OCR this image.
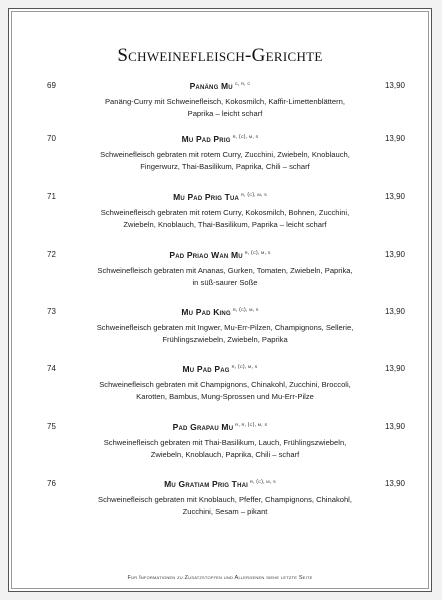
Schweinefleisch-Gerichte
69	Panäng Mu $^{c, r, c}$	13,90
Panäng-Curry mit Schweinefleisch, Kokosmilch, Kaffir-Limettenblättern,
Paprika – leicht scharf
70	Mu Pad Prig $^{r, (c), m, s}$	13,90
Schweinefleisch gebraten mit rotem Curry, Zucchini, Zwiebeln, Knoblauch,
Fingerwurz, Thai-Basilikum, Paprika, Chili – scharf
71	Mu Pad Prig Tua $^{r, (c), m, s}$	13,90
Schweinefleisch gebraten mit rotem Curry, Kokosmilch, Bohnen, Zucchini,
Zwiebeln, Knoblauch, Thai-Basilikum, Paprika – leicht scharf
72	Pad Priao Wan Mu $^{r, (c), m, s}$	13,90
Schweinefleisch gebraten mit Ananas, Gurken, Tomaten, Zwiebeln, Paprika,
in süß-saurer Soße
73	Mu Pad King $^{r, (c), m, s}$	13,90
Schweinefleisch gebraten mit Ingwer, Mu-Err-Pilzen, Champignons, Sellerie,
Frühlingszwiebeln, Zwiebeln, Paprika
74	Mu Pad Pag $^{r, (c), m, s}$	13,90
Schweinefleisch gebraten mit Champignons, Chinakohl, Zucchini, Broccoli,
Karotten, Bambus, Mung-Sprossen und Mu-Err-Pilze
75	Pad Grapau Mu $^{r, r, (c), m, s}$	13,90
Schweinefleisch gebraten mit Thai-Basilikum, Lauch, Frühlingszwiebeln,
Zwiebeln, Knoblauch, Paprika, Chili – scharf
76	Mu Gratiam Prig Thai $^{r, (c), m, s}$	13,90
Schweinefleisch gebraten mit Knoblauch, Pfeffer, Champignons, Chinakohl,
Zucchini, Sesam – pikant
Für Informationen zu Zusatzstoffen und Allergenen siehe letzte Seite
